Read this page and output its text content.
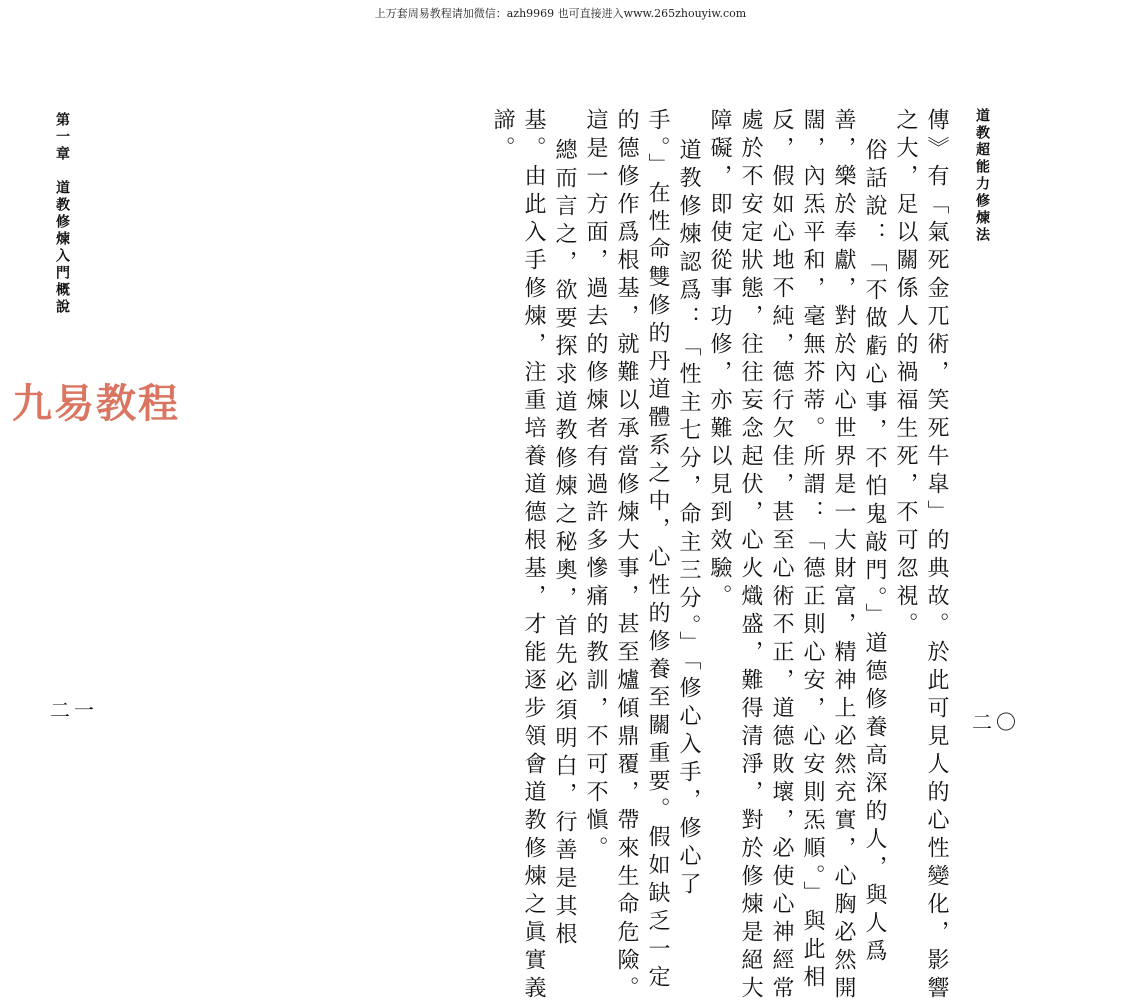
上万套周易教程请加微信：azh9969 也可直接进入www.265zhouyiw.com
道教超能力修煉法
傳》有「氣死金兀術，笑死牛皐」的典故。於此可見人的心性變化，影響
之大，足以關係人的禍福生死，不可忽視。
俗話說：「不做虧心事，不怕鬼敲門。」道德修養高深的人，與人爲
善，樂於奉獻，對於內心世界是一大財富，精神上必然充實，心胸必然開
闊，內炁平和，毫無芥蒂。所謂：「德正則心安，心安則炁順。」與此相
反，假如心地不純，德行欠佳，甚至心術不正，道德敗壞，必使心神經常
處於不安定狀態，往往妄念起伏，心火熾盛，難得清淨，對於修煉是絕大
障礙，即使從事功修，亦難以見到效驗。
二〇
道教修煉認爲：「性主七分，命主三分。」「修心入手，修心了
手。」在性命雙修的丹道體系之中，心性的修養至關重要。假如缺乏一定
的德修作爲根基，就難以承當修煉大事，甚至爐傾鼎覆，帶來生命危險。
這是一方面，過去的修煉者有過許多慘痛的教訓，不可不愼。
總而言之，欲要探求道教修煉之秘奧，首先必須明白，行善是其根
基。由此入手修煉，注重培養道德根基，才能逐步領會道教修煉之眞實義
諦。
第一章　道教修煉入門概說
二一
九易教程
